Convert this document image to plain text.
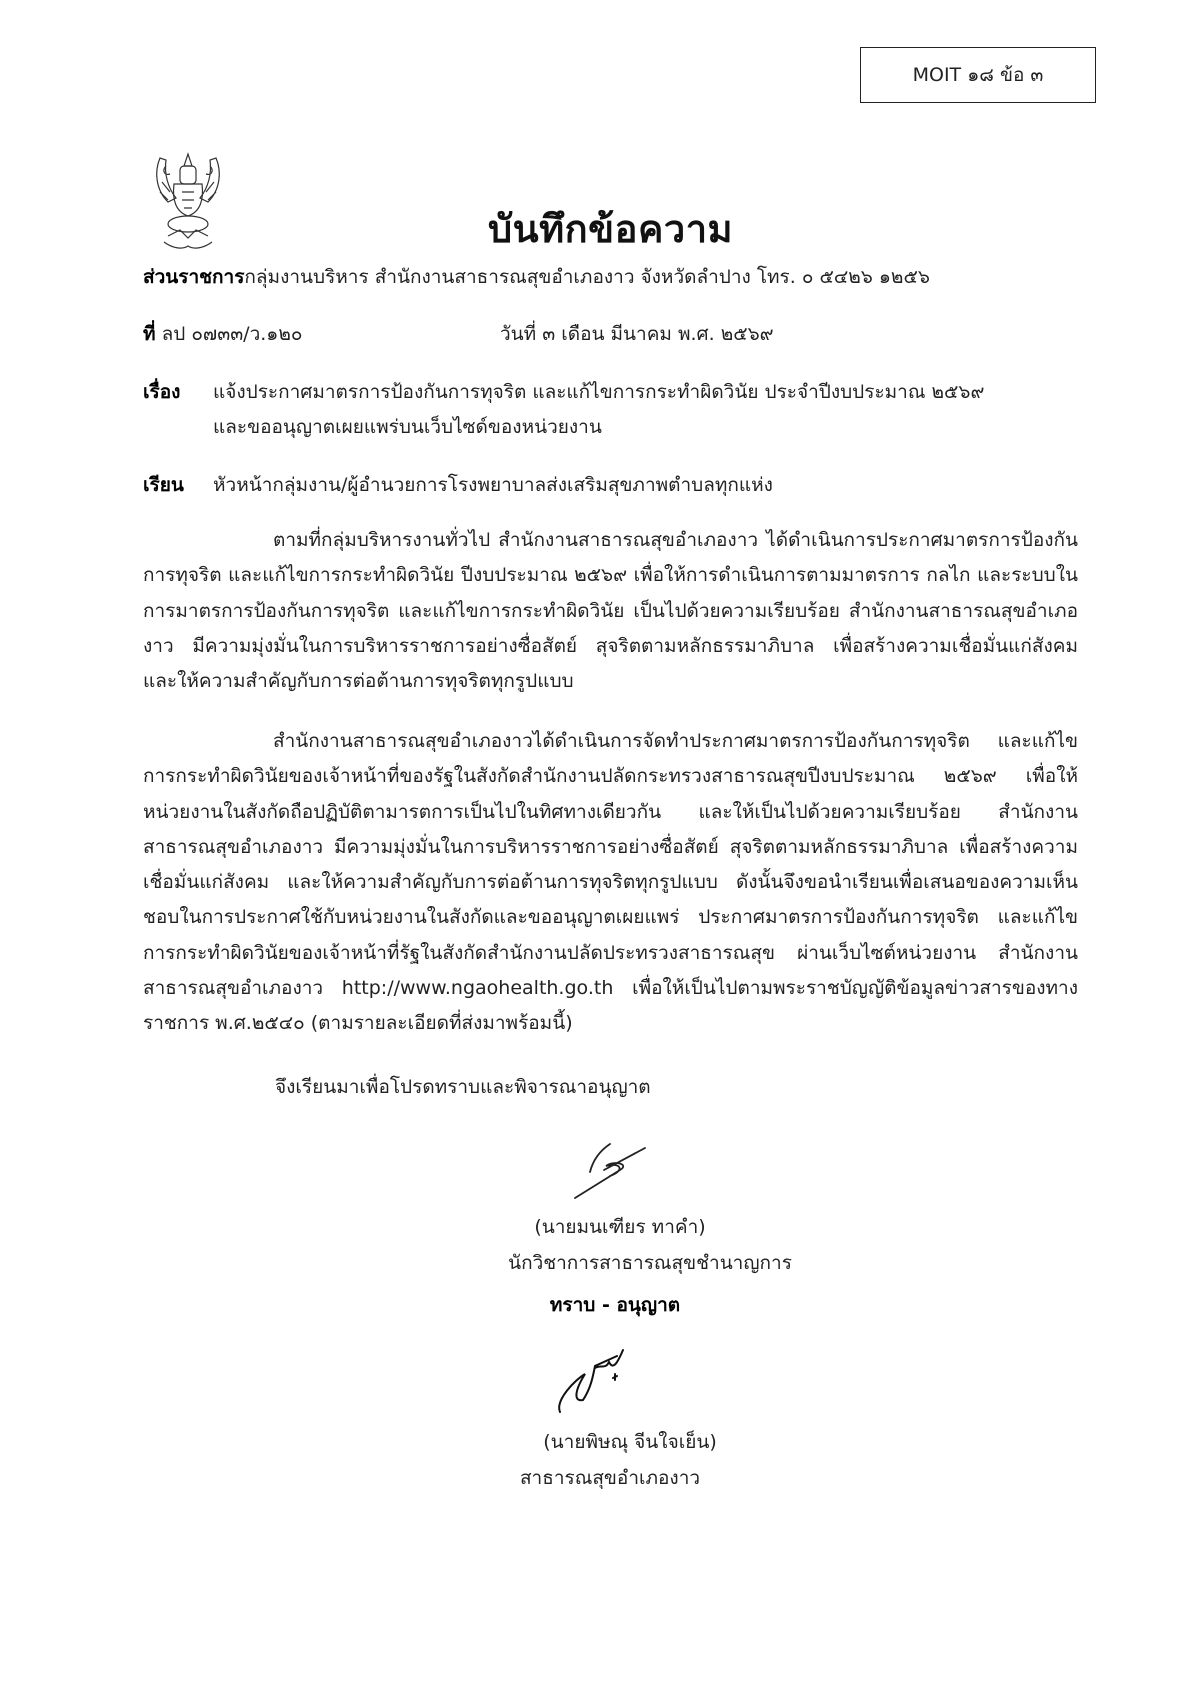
MOIT ๑๘ ข้อ ๓
บันทึกข้อความ
ส่วนราชการกลุ่มงานบริหาร สำนักงานสาธารณสุขอำเภองาว จังหวัดลำปาง โทร. ๐ ๕๔๒๖ ๑๒๕๖
ที่ ลป ๐๗๓๓/ว.๑๒๐	วันที่ ๓ เดือน มีนาคม พ.ศ. ๒๕๖๙
เรื่อง แจ้งประกาศมาตรการป้องกันการทุจริต และแก้ไขการกระทำผิดวินัย ประจำปีงบประมาณ ๒๕๖๙
และขออนุญาตเผยแพร่บนเว็บไซด์ของหน่วยงาน
เรียน หัวหน้ากลุ่มงาน/ผู้อำนวยการโรงพยาบาลส่งเสริมสุขภาพตำบลทุกแห่ง

ตามที่กลุ่มบริหารงานทั่วไป สำนักงานสาธารณสุขอำเภองาว ได้ดำเนินการประกาศมาตรการป้องกันการทุจริต และแก้ไขการกระทำผิดวินัย ปีงบประมาณ ๒๕๖๙ เพื่อให้การดำเนินการตามมาตรการ กลไก และระบบในการมาตรการป้องกันการทุจริต และแก้ไขการกระทำผิดวินัย เป็นไปด้วยความเรียบร้อย สำนักงานสาธารณสุขอำเภองาว มีความมุ่งมั่นในการบริหารราชการอย่างซื่อสัตย์ สุจริตตามหลักธรรมาภิบาล เพื่อสร้างความเชื่อมั่นแก่สังคม และให้ความสำคัญกับการต่อต้านการทุจริตทุกรูปแบบ

สำนักงานสาธารณสุขอำเภองาวได้ดำเนินการจัดทำประกาศมาตรการป้องกันการทุจริต และแก้ไขการกระทำผิดวินัยของเจ้าหน้าที่ของรัฐในสังกัดสำนักงานปลัดกระทรวงสาธารณสุขปีงบประมาณ ๒๕๖๙ เพื่อให้หน่วยงานในสังกัดถือปฏิบัติตามารตการเป็นไปในทิศทางเดียวกัน และให้เป็นไปด้วยความเรียบร้อย สำนักงานสาธารณสุขอำเภองาว มีความมุ่งมั่นในการบริหารราชการอย่างซื่อสัตย์ สุจริตตามหลักธรรมาภิบาล เพื่อสร้างความเชื่อมั่นแก่สังคม และให้ความสำคัญกับการต่อต้านการทุจริตทุกรูปแบบ ดังนั้นจึงขอนำเรียนเพื่อเสนอของความเห็นชอบในการประกาศใช้กับหน่วยงานในสังกัดและขออนุญาตเผยแพร่ ประกาศมาตรการป้องกันการทุจริต และแก้ไขการกระทำผิดวินัยของเจ้าหน้าที่รัฐในสังกัดสำนักงานปลัดประทรวงสาธารณสุข ผ่านเว็บไซต์หน่วยงาน สำนักงานสาธารณสุขอำเภองาว http://www.ngaohealth.go.th เพื่อให้เป็นไปตามพระราชบัญญัติข้อมูลข่าวสารของทางราชการ พ.ศ.๒๕๔๐ (ตามรายละเอียดที่ส่งมาพร้อมนี้)

จึงเรียนมาเพื่อโปรดทราบและพิจารณาอนุญาต
(นายมนเฑียร ทาคำ)
นักวิชาการสาธารณสุขชำนาญการ
ทราบ - อนุญาต
(นายพิษณุ จีนใจเย็น)
สาธารณสุขอำเภองาว
